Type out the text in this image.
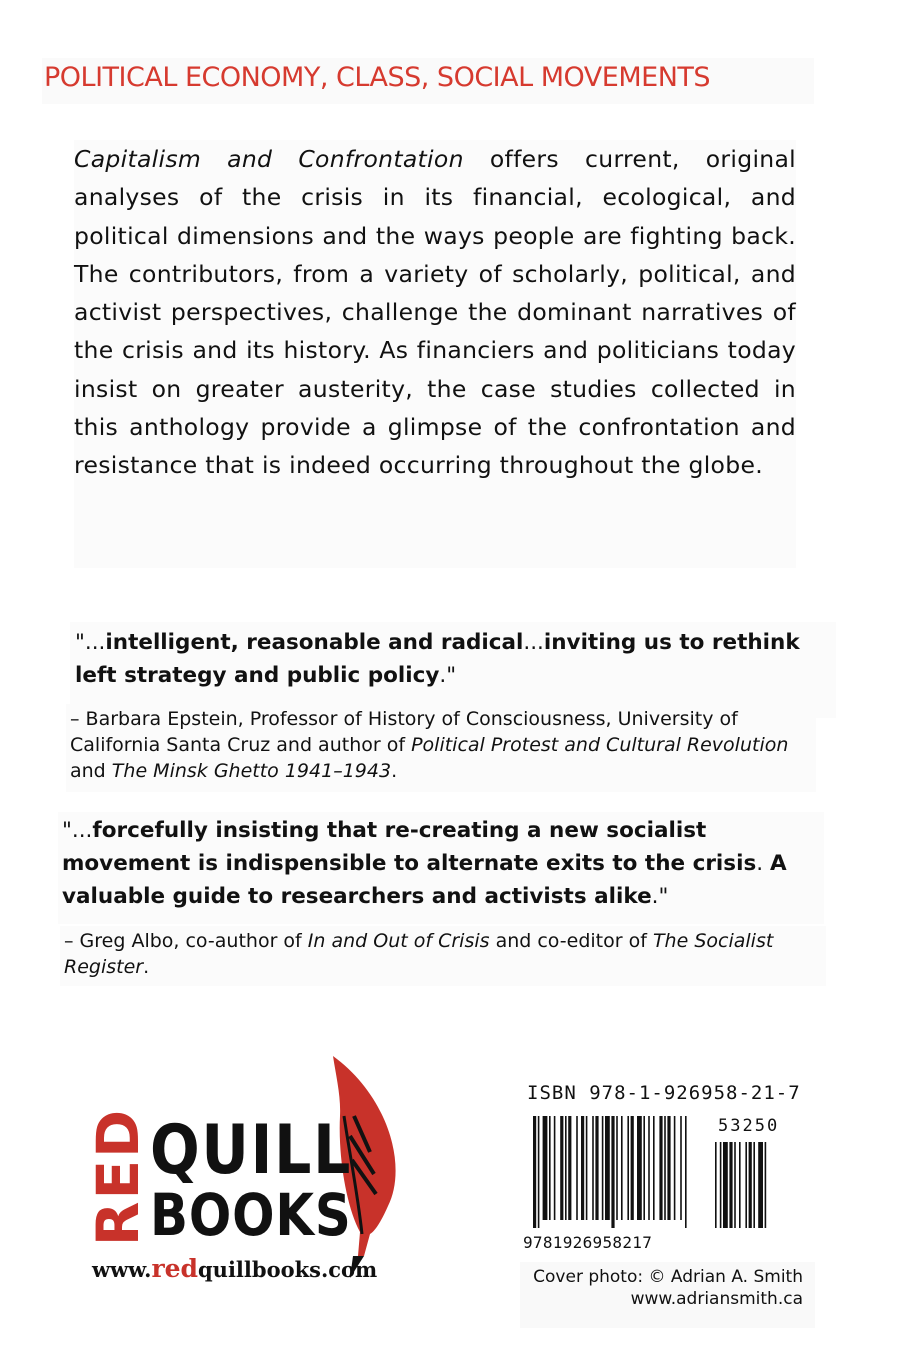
POLITICAL ECONOMY, CLASS, SOCIAL MOVEMENTS
Capitalism and Confrontation offers current, original analyses of the crisis in its financial, ecological, and political dimensions and the ways people are fighting back. The contributors, from a variety of scholarly, political, and activist perspectives, challenge the dominant narratives of the crisis and its history. As financiers and politicians today insist on greater austerity, the case studies collected in this anthology provide a glimpse of the confrontation and resistance that is indeed occurring throughout the globe.
"...intelligent, reasonable and radical...inviting us to rethink left strategy and public policy."
– Barbara Epstein, Professor of History of Consciousness, University of California Santa Cruz and author of Political Protest and Cultural Revolution and The Minsk Ghetto 1941–1943.
"...forcefully insisting that re-creating a new socialist movement is indispensible to alternate exits to the crisis. A valuable guide to researchers and activists alike."
– Greg Albo, co-author of In and Out of Crisis and co-editor of The Socialist Register.
RED
QUILL
BOOKS
www.redquillbooks.com
ISBN 978-1-926958-21-7
53250
9781926958217
Cover photo: © Adrian A. Smith
www.adriansmith.ca
